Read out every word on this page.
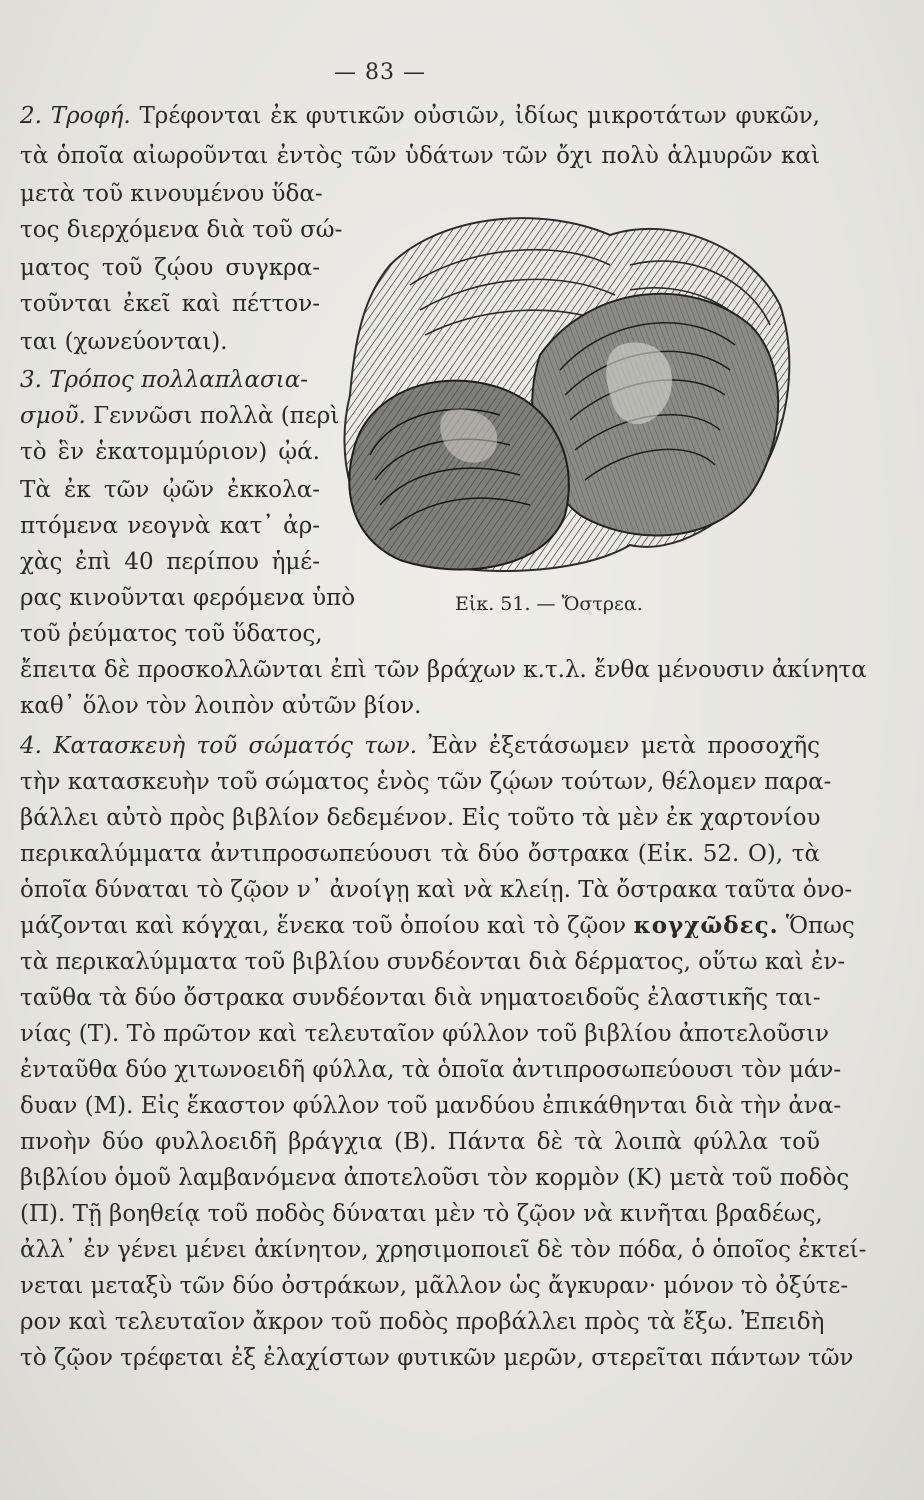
— 83 —
2. Τροφή. Τρέφονται ἐκ φυτικῶν οὐσιῶν, ἰδίως μικροτάτων φυκῶν,
τὰ ὁποῖα αἰωροῦνται ἐντὸς τῶν ὑδάτων τῶν ὄχι πολὺ ἁλμυρῶν καὶ
μετὰ τοῦ κινουμένου ὕδα-
τος διερχόμενα διὰ τοῦ σώ-
ματος τοῦ ζῴου συγκρα-
τοῦνται ἐκεῖ καὶ πέττον-
ται (χωνεύονται).
3. Τρόπος πολλαπλασια-
σμοῦ. Γεννῶσι πολλὰ (περὶ
τὸ ἓν ἑκατομμύριον) ᾠά.
Τὰ ἐκ τῶν ᾠῶν ἐκκολα-
πτόμενα νεογνὰ κατ᾽ ἀρ-
χὰς ἐπὶ 40 περίπου ἡμέ-
ρας κινοῦνται φερόμενα ὑπὸ
τοῦ ῥεύματος τοῦ ὕδατος,
ἔπειτα δὲ προσκολλῶνται ἐπὶ τῶν βράχων κ.τ.λ. ἔνθα μένουσιν ἀκίνητα
καθ᾽ ὅλον τὸν λοιπὸν αὐτῶν βίον.
Εἰκ. 51. — Ὄστρεα.
4. Κατασκευὴ τοῦ σώματός των. Ἐὰν ἐξετάσωμεν μετὰ προσοχῆς
τὴν κατασκευὴν τοῦ σώματος ἑνὸς τῶν ζῴων τούτων, θέλομεν παρα-
βάλλει αὐτὸ πρὸς βιβλίον δεδεμένον. Εἰς τοῦτο τὰ μὲν ἐκ χαρτονίου
περικαλύμματα ἀντιπροσωπεύουσι τὰ δύο ὄστρακα (Εἰκ. 52. Ο), τὰ
ὁποῖα δύναται τὸ ζῷον ν᾽ ἀνοίγῃ καὶ νὰ κλείῃ. Τὰ ὄστρακα ταῦτα ὀνο-
μάζονται καὶ κόγχαι, ἕνεκα τοῦ ὁποίου καὶ τὸ ζῷον κογχῶδες. Ὅπως
τὰ περικαλύμματα τοῦ βιβλίου συνδέονται διὰ δέρματος, οὕτω καὶ ἐν-
ταῦθα τὰ δύο ὄστρακα συνδέονται διὰ νηματοειδοῦς ἐλαστικῆς ται-
νίας (Τ). Τὸ πρῶτον καὶ τελευταῖον φύλλον τοῦ βιβλίου ἀποτελοῦσιν
ἐνταῦθα δύο χιτωνοειδῆ φύλλα, τὰ ὁποῖα ἀντιπροσωπεύουσι τὸν μάν-
δυαν (Μ). Εἰς ἕκαστον φύλλον τοῦ μανδύου ἐπικάθηνται διὰ τὴν ἀνα-
πνοὴν δύο φυλλοειδῆ βράγχια (Β). Πάντα δὲ τὰ λοιπὰ φύλλα τοῦ
βιβλίου ὁμοῦ λαμβανόμενα ἀποτελοῦσι τὸν κορμὸν (Κ) μετὰ τοῦ ποδὸς
(Π). Τῇ βοηθείᾳ τοῦ ποδὸς δύναται μὲν τὸ ζῷον νὰ κινῆται βραδέως,
ἀλλ᾽ ἐν γένει μένει ἀκίνητον, χρησιμοποιεῖ δὲ τὸν πόδα, ὁ ὁποῖος ἐκτεί-
νεται μεταξὺ τῶν δύο ὀστράκων, μᾶλλον ὡς ἄγκυραν· μόνον τὸ ὀξύτε-
ρον καὶ τελευταῖον ἄκρον τοῦ ποδὸς προβάλλει πρὸς τὰ ἔξω. Ἐπειδὴ
τὸ ζῷον τρέφεται ἐξ ἐλαχίστων φυτικῶν μερῶν, στερεῖται πάντων τῶν
